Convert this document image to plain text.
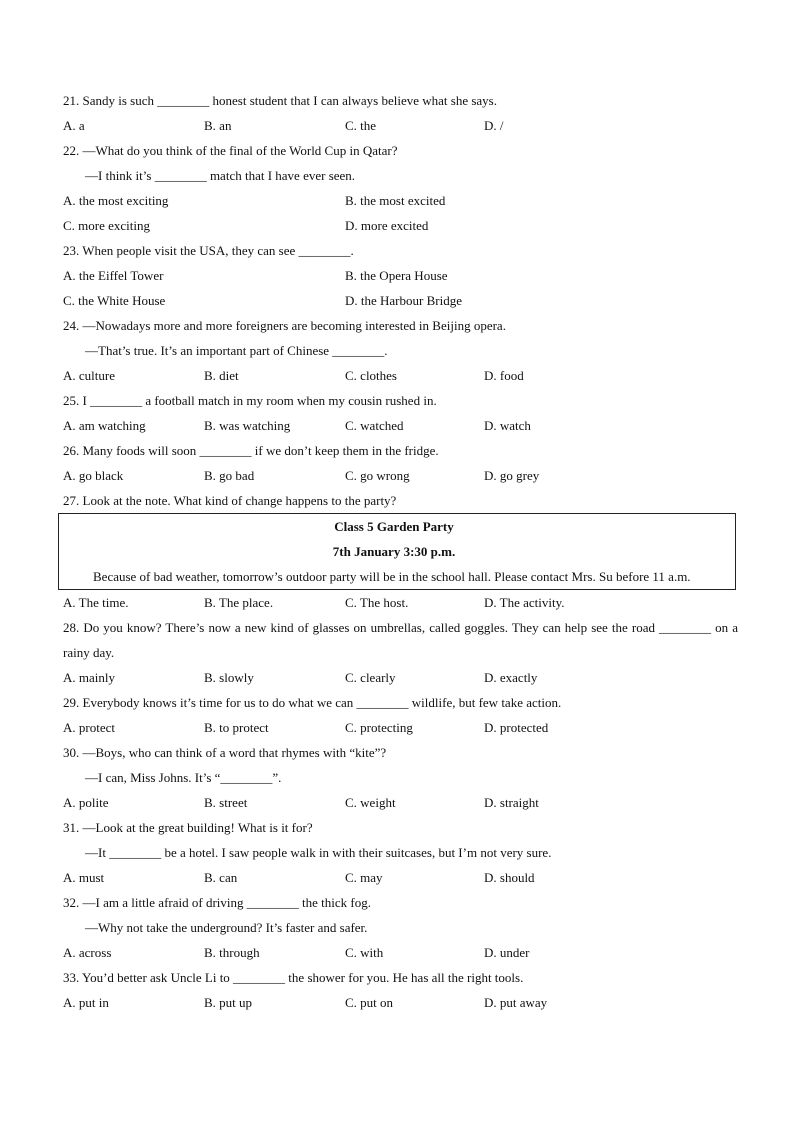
21. Sandy is such ________ honest student that I can always believe what she says.
A. a	B. an	C. the	D. /
22. —What do you think of the final of the World Cup in Qatar?
—I think it’s ________ match that I have ever seen.
A. the most exciting	B. the most excited
C. more exciting	D. more excited
23. When people visit the USA, they can see ________.
A. the Eiffel Tower	B. the Opera House
C. the White House	D. the Harbour Bridge
24. —Nowadays more and more foreigners are becoming interested in Beijing opera.
—That’s true. It’s an important part of Chinese ________.
A. culture	B. diet	C. clothes	D. food
25. I ________ a football match in my room when my cousin rushed in.
A. am watching	B. was watching	C. watched	D. watch
26. Many foods will soon ________ if we don’t keep them in the fridge.
A. go black	B. go bad	C. go wrong	D. go grey
27. Look at the note. What kind of change happens to the party?
Class 5 Garden Party
7th January 3:30 p.m.
Because of bad weather, tomorrow’s outdoor party will be in the school hall. Please contact Mrs. Su before 11 a.m.
A. The time.	B. The place.	C. The host.	D. The activity.
28. Do you know? There’s now a new kind of glasses on umbrellas, called goggles. They can help see the road ________ on a rainy day.
A. mainly	B. slowly	C. clearly	D. exactly
29. Everybody knows it’s time for us to do what we can ________ wildlife, but few take action.
A. protect	B. to protect	C. protecting	D. protected
30. —Boys, who can think of a word that rhymes with “kite”?
—I can, Miss Johns. It’s “________”.
A. polite	B. street	C. weight	D. straight
31. —Look at the great building! What is it for?
—It ________ be a hotel. I saw people walk in with their suitcases, but I’m not very sure.
A. must	B. can	C. may	D. should
32. —I am a little afraid of driving ________ the thick fog.
—Why not take the underground? It’s faster and safer.
A. across	B. through	C. with	D. under
33. You’d better ask Uncle Li to ________ the shower for you. He has all the right tools.
A. put in	B. put up	C. put on	D. put away
